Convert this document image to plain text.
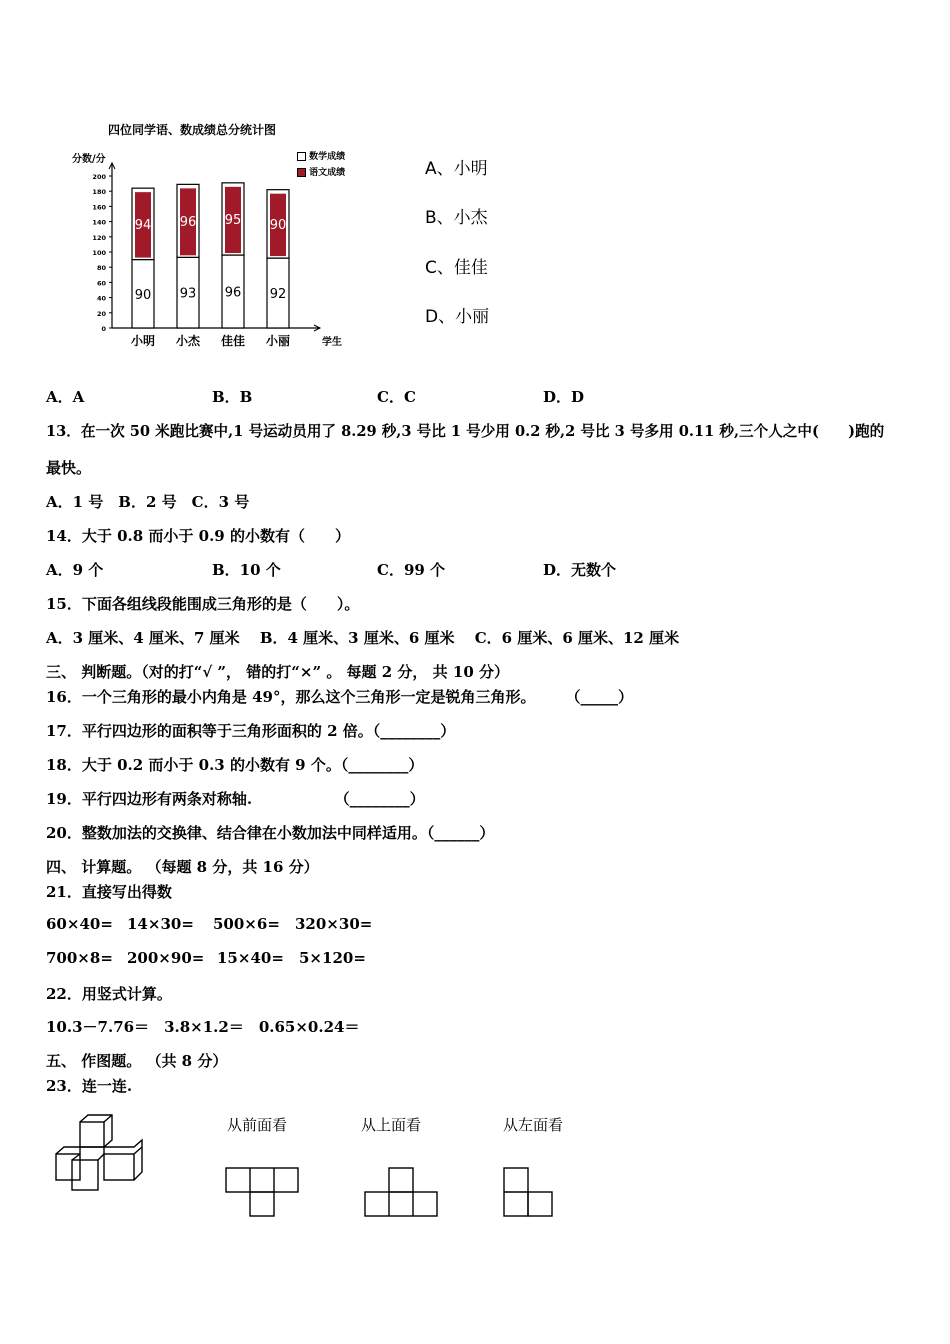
四位同学语、数成绩总分统计图
分数/分	数学成绩
语文成绩
0
20
40
60
80
100
120
140
160
180
200
90
94
小明
93
96
小杰
96
95
佳佳
92
90
小丽	学生
A、小明
B、小杰
C、佳佳
D、小丽
A．A	B．B	C．C	D．D
13．在一次 50 米跑比赛中,1 号运动员用了 8.29 秒,3 号比 1 号少用 0.2 秒,2 号比 3 号多用 0.11 秒,三个人之中(　　)跑的
最快。
A．1 号　B．2 号　C．3 号
14．大于 0.8 而小于 0.9 的小数有（　　）
A．9 个	B．10 个	C．99 个	D．无数个
15．下面各组线段能围成三角形的是（　　）。
A．3 厘米、4 厘米、7 厘米　 B．4 厘米、3 厘米、6 厘米　 C．6 厘米、6 厘米、12 厘米
三、 判断题。（对的打“√ ”， 错的打“×” 。 每题 2 分， 共 10 分）
16．一个三角形的最小内角是 49°，那么这个三角形一定是锐角三角形。　　　（_____）
17．平行四边形的面积等于三角形面积的 2 倍。（________）
18．大于 0.2 而小于 0.3 的小数有 9 个。（________）
19．平行四边形有两条对称轴.　　　　　　（________）
20．整数加法的交换律、结合律在小数加法中同样适用。（______）
四、 计算题。 （每题 8 分，共 16 分）
21．直接写出得数
60×40= 14×30= 500×6= 320×30=
700×8= 200×90= 15×40= 5×120=
22．用竖式计算。
10.3－7.76＝　3.8×1.2＝　0.65×0.24＝
五、 作图题。 （共 8 分）
23．连一连.
从前面看	从上面看	从左面看
